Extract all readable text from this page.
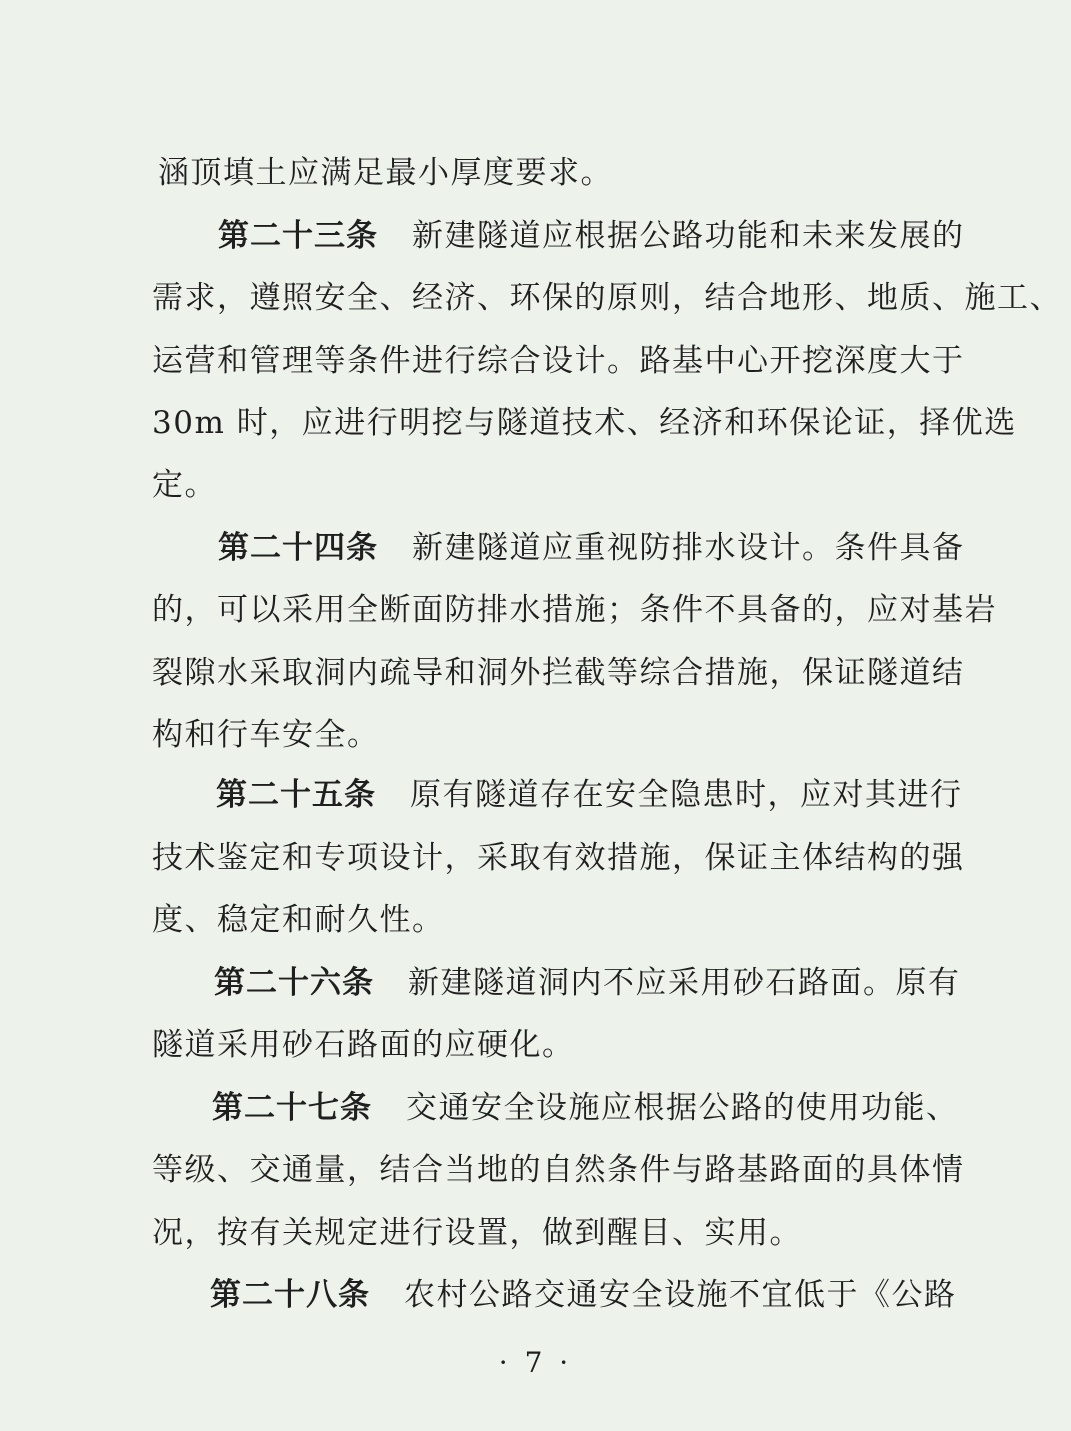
涵顶填土应满足最小厚度要求。
第二十三条 新建隧道应根据公路功能和未来发展的
需求，遵照安全、经济、环保的原则，结合地形、地质、施工、
运营和管理等条件进行综合设计。路基中心开挖深度大于
30m 时，应进行明挖与隧道技术、经济和环保论证，择优选
定。
第二十四条 新建隧道应重视防排水设计。条件具备
的，可以采用全断面防排水措施；条件不具备的，应对基岩
裂隙水采取洞内疏导和洞外拦截等综合措施，保证隧道结
构和行车安全。
第二十五条 原有隧道存在安全隐患时，应对其进行
技术鉴定和专项设计，采取有效措施，保证主体结构的强
度、稳定和耐久性。
第二十六条 新建隧道洞内不应采用砂石路面。原有
隧道采用砂石路面的应硬化。
第二十七条 交通安全设施应根据公路的使用功能、
等级、交通量，结合当地的自然条件与路基路面的具体情
况，按有关规定进行设置，做到醒目、实用。
第二十八条 农村公路交通安全设施不宜低于《公路
· 7 ·
